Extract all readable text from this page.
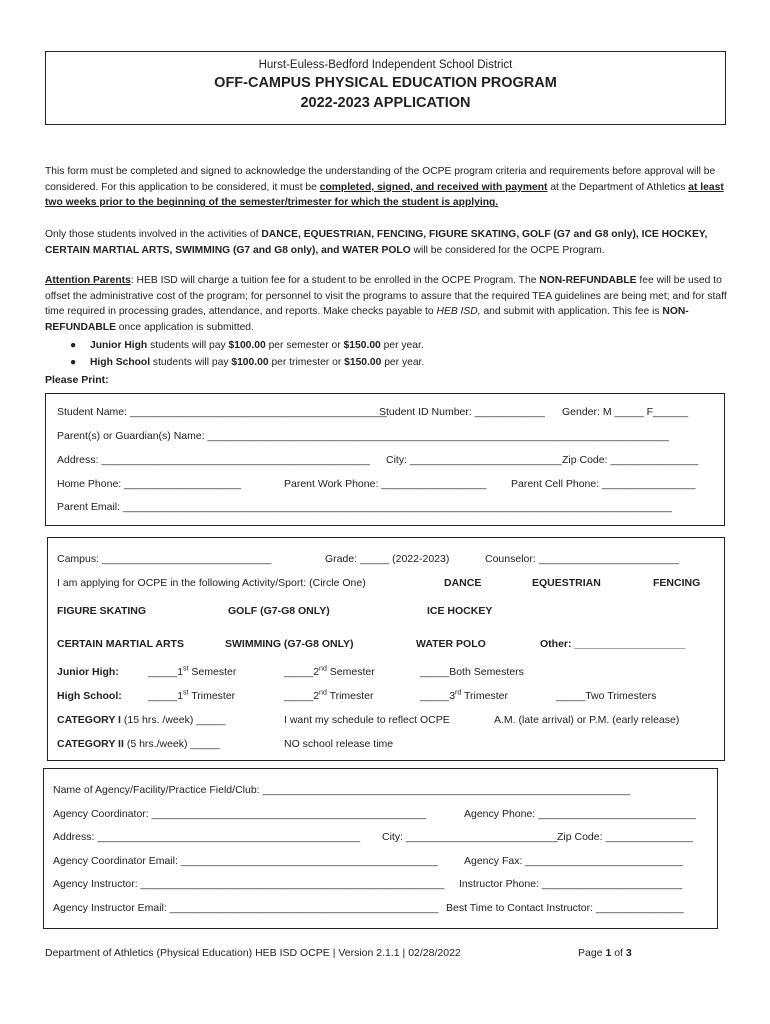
Hurst-Euless-Bedford Independent School District
OFF-CAMPUS PHYSICAL EDUCATION PROGRAM
2022-2023 APPLICATION
This form must be completed and signed to acknowledge the understanding of the OCPE program criteria and requirements before approval will be considered. For this application to be considered, it must be completed, signed, and received with payment at the Department of Athletics at least two weeks prior to the beginning of the semester/trimester for which the student is applying.
Only those students involved in the activities of DANCE, EQUESTRIAN, FENCING, FIGURE SKATING, GOLF (G7 and G8 only), ICE HOCKEY, CERTAIN MARTIAL ARTS, SWIMMING (G7 and G8 only), and WATER POLO will be considered for the OCPE Program.
Attention Parents: HEB ISD will charge a tuition fee for a student to be enrolled in the OCPE Program. The NON-REFUNDABLE fee will be used to offset the administrative cost of the program; for personnel to visit the programs to assure that the required TEA guidelines are being met; and for staff time required in processing grades, attendance, and reports. Make checks payable to HEB ISD, and submit with application. This fee is NON-REFUNDABLE once application is submitted.
● Junior High students will pay $100.00 per semester or $150.00 per year.
● High School students will pay $100.00 per trimester or $150.00 per year.
Please Print:
Student Name: ____________________________________________
Student ID Number: ____________ Gender: M _____ F______
Parent(s) or Guardian(s) Name: _______________________________________________________________________________
Address: ______________________________________________ City: __________________________ Zip Code: _______________
Home Phone: ____________________	Parent Work Phone: __________________ Parent Cell Phone: ________________
Parent Email: ______________________________________________________________________________________________
Campus: _____________________________	Grade: _____ (2022-2023)	Counselor: ________________________
I am applying for OCPE in the following Activity/Sport: (Circle One)	DANCE	EQUESTRIAN	FENCING
FIGURE SKATING	GOLF (G7-G8 ONLY)	ICE HOCKEY
CERTAIN MARTIAL ARTS	SWIMMING (G7-G8 ONLY)	WATER POLO	Other: ___________________
Junior High:	_____1st Semester	_____2nd Semester	_____Both Semesters
High School:	_____1st Trimester	_____2nd Trimester	_____3rd Trimester	_____Two Trimesters
CATEGORY I (15 hrs. /week) _____	I want my schedule to reflect OCPE	A.M. (late arrival) or P.M. (early release)
CATEGORY II (5 hrs./week) _____	NO school release time
Name of Agency/Facility/Practice Field/Club: _______________________________________________________________
Agency Coordinator: _______________________________________________	Agency Phone: ___________________________
Address: _____________________________________________ City: __________________________ Zip Code: _______________
Agency Coordinator Email: ____________________________________________ Agency Fax: ___________________________
Agency Instructor: ____________________________________________________ Instructor Phone: ________________________
Agency Instructor Email: ______________________________________________ Best Time to Contact Instructor: _______________
Department of Athletics (Physical Education) HEB ISD OCPE | Version 2.1.1 | 02/28/2022	Page 1 of 3
